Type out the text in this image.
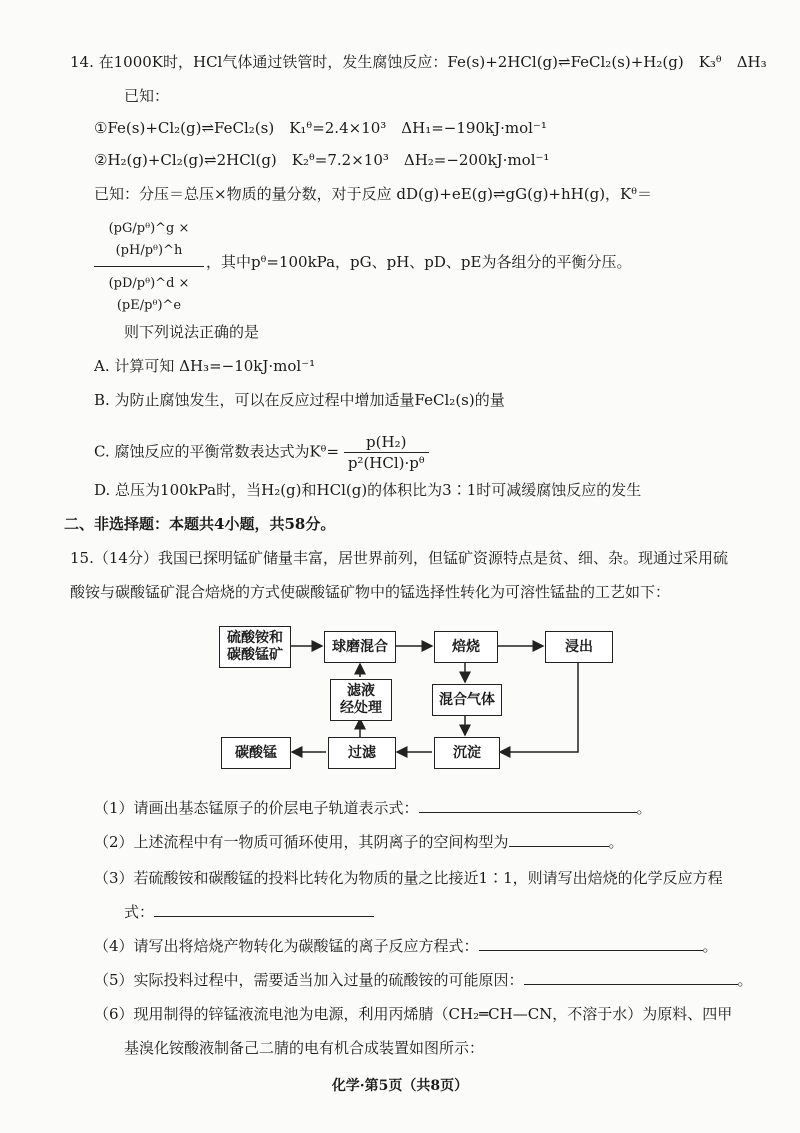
14. 在1000K时，HCl气体通过铁管时，发生腐蚀反应：Fe(s)+2HCl(g)⇌FeCl₂(s)+H₂(g)　K₃ᶿ　ΔH₃
已知：
①Fe(s)+Cl₂(g)⇌FeCl₂(s)　K₁ᶿ=2.4×10³　ΔH₁=−190kJ·mol⁻¹
②H₂(g)+Cl₂(g)⇌2HCl(g)　K₂ᶿ=7.2×10³　ΔH₂=−200kJ·mol⁻¹
已知：分压＝总压×物质的量分数，对于反应 dD(g)+eE(g)⇌gG(g)+hH(g)，Kᶿ＝
$\frac{\text{(pG/pᶿ)\textasciicircum{}g × (pH/pᶿ)\textasciicircum{}h}}{\text{(pD/pᶿ)\textasciicircum{}d × (pE/pᶿ)\textasciicircum{}e}}$ ，其中pᶿ=100kPa，pG、pH、pD、pE为各组分的平衡分压。
则下列说法正确的是
A. 计算可知 ΔH₃=−10kJ·mol⁻¹
B. 为防止腐蚀发生，可以在反应过程中增加适量FeCl₂(s)的量
C. 腐蚀反应的平衡常数表达式为Kᶿ= $\frac{\text{p(H₂)}}{\text{p²(HCl)·pᶿ}}$
D. 总压为100kPa时，当H₂(g)和HCl(g)的体积比为3∶1时可减缓腐蚀反应的发生
二、非选择题：本题共4小题，共58分。
15.（14分）我国已探明锰矿储量丰富，居世界前列，但锰矿资源特点是贫、细、杂。现通过采用硫
酸铵与碳酸锰矿混合焙烧的方式使碳酸锰矿物中的锰选择性转化为可溶性锰盐的工艺如下：
硫酸铵和
碳酸锰矿
球磨混合	焙烧	浸出
滤液
经处理
混合气体
碳酸锰	过滤	沉淀
（1）请画出基态锰原子的价层电子轨道表示式：	。
（2）上述流程中有一物质可循环使用，其阴离子的空间构型为	。
（3）若硫酸铵和碳酸锰的投料比转化为物质的量之比接近1∶1，则请写出焙烧的化学反应方程
式：
（4）请写出将焙烧产物转化为碳酸锰的离子反应方程式：	。
（5）实际投料过程中，需要适当加入过量的硫酸铵的可能原因：	。
（6）现用制得的锌锰液流电池为电源，利用丙烯腈（CH₂═CH—CN，不溶于水）为原料、四甲
基溴化铵酸液制备己二腈的电有机合成装置如图所示：
化学·第5页（共8页）
